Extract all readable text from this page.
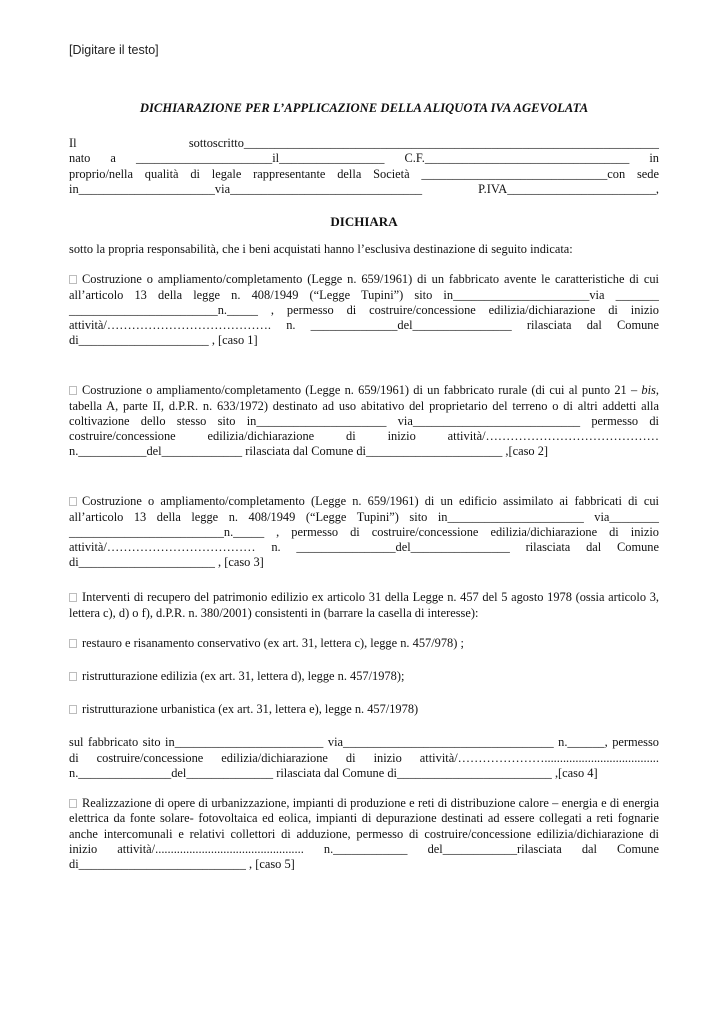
[Digitare il testo]
DICHIARAZIONE PER L’APPLICAZIONE DELLA ALIQUOTA IVA AGEVOLATA

Il sottoscritto___________________________________________________________________

nato a ______________________il_________________ C.F._________________________________ in

proprio/nella qualità di legale rappresentante della Società ______________________________con sede

in______________________via_______________________________ P.IVA________________________,

DICHIARA

sotto la propria responsabilità, che i beni acquistati hanno l’esclusiva destinazione di seguito indicata:

Costruzione o ampliamento/completamento (Legge n. 659/1961) di un fabbricato avente le caratteristiche di cui all’articolo 13 della legge n. 408/1949 (“Legge Tupini”) sito in______________________via _______ ________________________n._____ , permesso di costruire/concessione edilizia/dichiarazione di inizio attività/…………………………………. n. ______________del________________ rilasciata dal Comune di_____________________ , [caso 1]

Costruzione o ampliamento/completamento (Legge n. 659/1961) di un fabbricato rurale (di cui al punto 21 – bis, tabella A, parte II, d.P.R. n. 633/1972) destinato ad uso abitativo del proprietario del terreno o di altri addetti alla coltivazione dello stesso sito in_____________________ via___________________________ permesso di costruire/concessione edilizia/dichiarazione di inizio attività/……………………………………n.___________del_____________ rilasciata dal Comune di______________________ ,[caso 2]

Costruzione o ampliamento/completamento (Legge n. 659/1961) di un edificio assimilato ai fabbricati di cui all’articolo 13 della legge n. 408/1949 (“Legge Tupini”) sito in______________________ via________ _________________________n._____ , permesso di costruire/concessione edilizia/dichiarazione di inizio attività/……………………………… n. ________________del________________ rilasciata dal Comune di______________________ , [caso 3]

Interventi di recupero del patrimonio edilizio ex articolo 31 della Legge n. 457 del 5 agosto 1978 (ossia articolo 3, lettera c), d) o f), d.P.R. n. 380/2001) consistenti in (barrare la casella di interesse):

restauro e risanamento conservativo (ex art. 31, lettera c), legge n. 457/978) ;

ristrutturazione edilizia (ex art. 31, lettera d), legge n. 457/1978);

ristrutturazione urbanistica (ex art. 31, lettera e), legge n. 457/1978)

sul fabbricato sito in________________________ via__________________________________ n.______, permesso di costruire/concessione edilizia/dichiarazione di inizio attività/…………………..................................... n._______________del______________ rilasciata dal Comune di_________________________ ,[caso 4]

Realizzazione di opere di urbanizzazione, impianti di produzione e reti di distribuzione calore – energia e di energia elettrica da fonte solare- fotovoltaica ed eolica, impianti di depurazione destinati ad essere collegati a reti fognarie anche intercomunali e relativi collettori di adduzione, permesso di costruire/concessione edilizia/dichiarazione di inizio attività/................................................ n.____________ del____________rilasciata dal Comune di___________________________ , [caso 5]
